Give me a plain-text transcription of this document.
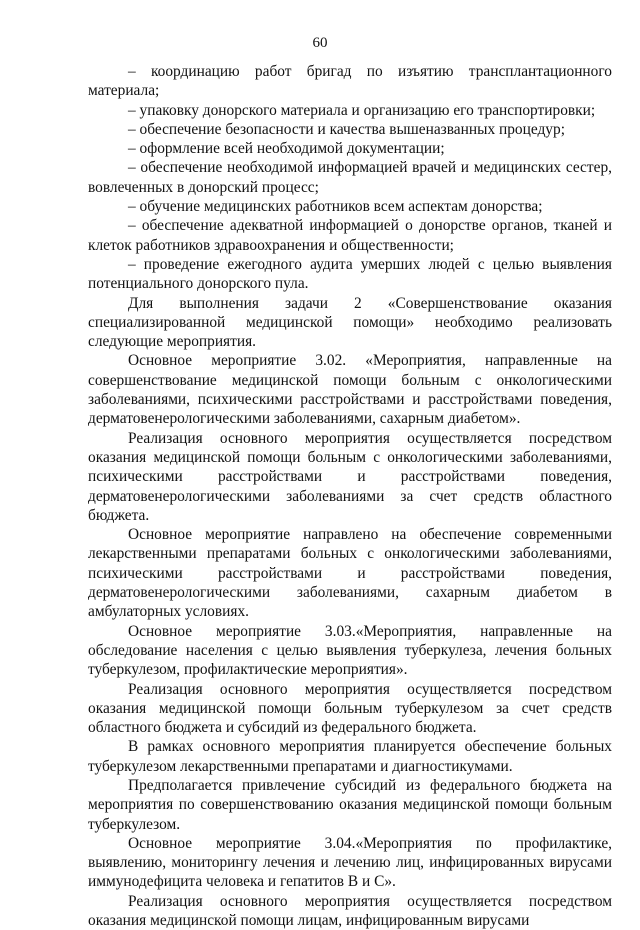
60

– координацию работ бригад по изъятию трансплантационного материала;

– упаковку донорского материала и организацию его транспортировки;

– обеспечение безопасности и качества вышеназванных процедур;

– оформление всей необходимой документации;

– обеспечение необходимой информацией врачей и медицинских сестер, вовлеченных в донорский процесс;

– обучение медицинских работников всем аспектам донорства;

– обеспечение адекватной информацией о донорстве органов, тканей и клеток работников здравоохранения и общественности;

– проведение ежегодного аудита умерших людей с целью выявления потенциального донорского пула.

Для выполнения задачи 2 «Совершенствование оказания специализированной медицинской помощи» необходимо реализовать следующие мероприятия.

Основное мероприятие 3.02. «Мероприятия, направленные на совершенствование медицинской помощи больным с онкологическими заболеваниями, психическими расстройствами и расстройствами поведения, дерматовенерологическими заболеваниями, сахарным диабетом».

Реализация основного мероприятия осуществляется посредством оказания медицинской помощи больным с онкологическими заболеваниями, психическими расстройствами и расстройствами поведения, дерматовенерологическими заболеваниями за счет средств областного бюджета.

Основное мероприятие направлено на обеспечение современными лекарственными препаратами больных с онкологическими заболеваниями, психическими расстройствами и расстройствами поведения, дерматовенерологическими заболеваниями, сахарным диабетом в амбулаторных условиях.

Основное мероприятие 3.03.«Мероприятия, направленные на обследование населения с целью выявления туберкулеза, лечения больных туберкулезом, профилактические мероприятия».

Реализация основного мероприятия осуществляется посредством оказания медицинской помощи больным туберкулезом за счет средств областного бюджета и субсидий из федерального бюджета.

В рамках основного мероприятия планируется обеспечение больных туберкулезом лекарственными препаратами и диагностикумами.

Предполагается привлечение субсидий из федерального бюджета на мероприятия по совершенствованию оказания медицинской помощи больным туберкулезом.

Основное мероприятие 3.04.«Мероприятия по профилактике, выявлению, мониторингу лечения и лечению лиц, инфицированных вирусами иммунодефицита человека и гепатитов B и C».

Реализация основного мероприятия осуществляется посредством оказания медицинской помощи лицам, инфицированным вирусами
